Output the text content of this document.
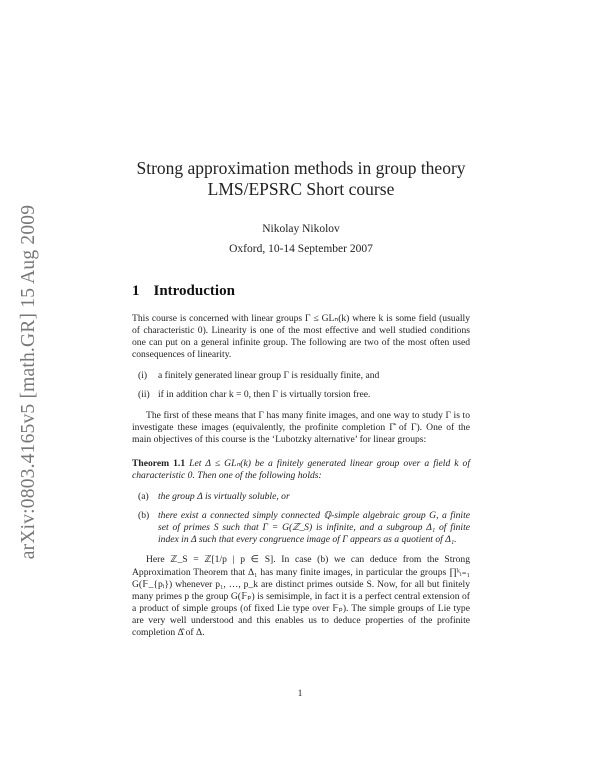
arXiv:0803.4165v5 [math.GR] 15 Aug 2009
Strong approximation methods in group theory
LMS/EPSRC Short course
Nikolay Nikolov
Oxford, 10-14 September 2007
1 Introduction

This course is concerned with linear groups Γ ≤ GLₙ(k) where k is some field (usually of characteristic 0). Linearity is one of the most effective and well studied conditions one can put on a general infinite group. The following are two of the most often used consequences of linearity.

(i)	a finitely generated linear group Γ is residually finite, and
(ii) if in addition char k = 0, then Γ is virtually torsion free.

The first of these means that Γ has many finite images, and one way to study Γ is to investigate these images (equivalently, the profinite completion Γ̂ of Γ). One of the main objectives of this course is the ‘Lubotzky alternative’ for linear groups:

Theorem 1.1 Let Δ ≤ GLₙ(k) be a finitely generated linear group over a field k of characteristic 0. Then one of the following holds:

(a) the group Δ is virtually soluble, or
(b) there exist a connected simply connected ℚ-simple algebraic group G, a finite set of primes S such that Γ = G(ℤ_S) is infinite, and a subgroup Δ₁ of finite index in Δ such that every congruence image of Γ appears as a quotient of Δ₁.

Here ℤ_S = ℤ[1/p | p ∈ S]. In case (b) we can deduce from the Strong Approximation Theorem that Δ₁ has many finite images, in particular the groups ∏ᵏᵢ₌₁ G(𝔽_{pᵢ}) whenever p₁, …, p_k are distinct primes outside S. Now, for all but finitely many primes p the group G(𝔽ₚ) is semisimple, in fact it is a perfect central extension of a product of simple groups (of fixed Lie type over 𝔽ₚ). The simple groups of Lie type are very well understood and this enables us to deduce properties of the profinite completion Δ̂ of Δ.

1
